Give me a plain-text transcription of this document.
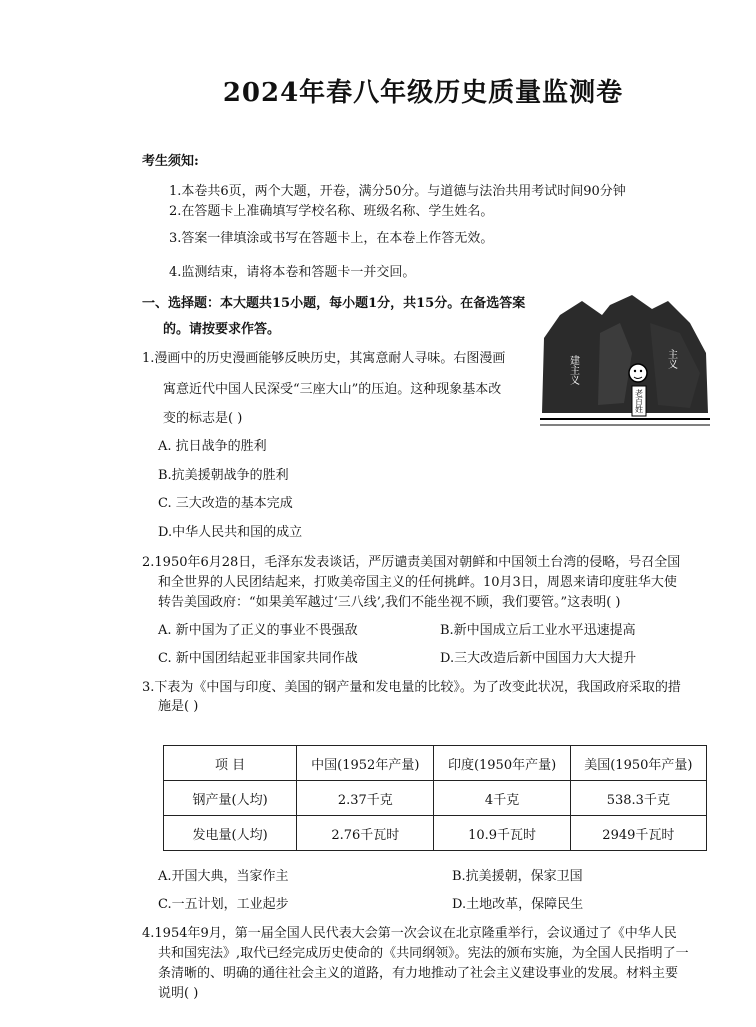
2024年春八年级历史质量监测卷
考生须知:
1.本卷共6页，两个大题，开卷，满分50分。与道德与法治共用考试时间90分钟
2.在答题卡上准确填写学校名称、班级名称、学生姓名。
3.答案一律填涂或书写在答题卡上，在本卷上作答无效。
4.监测结束，请将本卷和答题卡一并交回。
一、选择题：本大题共15小题，每小题1分，共15分。在备选答案
的。请按要求作答。
建主义	主义
老百姓
1.漫画中的历史漫画能够反映历史，其寓意耐人寻味。右图漫画
寓意近代中国人民深受“三座大山”的压迫。这种现象基本改
变的标志是( )
A. 抗日战争的胜利
B.抗美援朝战争的胜利
C. 三大改造的基本完成
D.中华人民共和国的成立
2.1950年6月28日，毛泽东发表谈话，严厉谴责美国对朝鲜和中国领土台湾的侵略，号召全国
和全世界的人民团结起来，打败美帝国主义的任何挑衅。10月3日，周恩来请印度驻华大使
转告美国政府：“如果美军越过‘三八线’,我们不能坐视不顾，我们要管。”这表明( )
A. 新中国为了正义的事业不畏强敌	B.新中国成立后工业水平迅速提高
C. 新中国团结起亚非国家共同作战	D.三大改造后新中国国力大大提升
3.下表为《中国与印度、美国的钢产量和发电量的比较》。为了改变此状况，我国政府采取的措
施是( )
项 目	中国(1952年产量)	印度(1950年产量)	美国(1950年产量)
钢产量(人均)	2.37千克	4千克	538.3千克
发电量(人均)	2.76千瓦时	10.9千瓦时	2949千瓦时
A.开国大典，当家作主	B.抗美援朝，保家卫国
C.一五计划，工业起步	D.土地改革，保障民生
4.1954年9月，第一届全国人民代表大会第一次会议在北京隆重举行，会议通过了《中华人民
共和国宪法》,取代已经完成历史使命的《共同纲领》。宪法的颁布实施，为全国人民指明了一
条清晰的、明确的通往社会主义的道路，有力地推动了社会主义建设事业的发展。材料主要
说明( )
